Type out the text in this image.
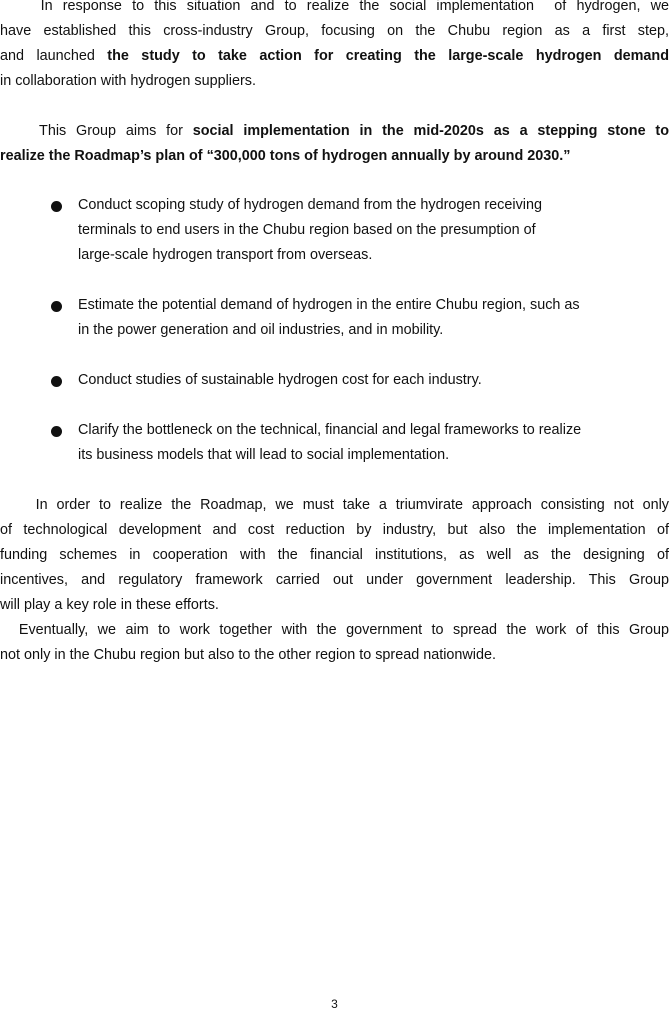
In response to this situation and to realize the social implementation  of hydrogen, we
have established this cross-industry Group, focusing on the Chubu region as a first step,
and launched the study to take action for creating the large-scale hydrogen demand
in collaboration with hydrogen suppliers.
This Group aims for social implementation in the mid-2020s as a stepping stone to
realize the Roadmap’s plan of “300,000 tons of hydrogen annually by around 2030.”
Conduct scoping study of hydrogen demand from the hydrogen receiving
terminals to end users in the Chubu region based on the presumption of
large-scale hydrogen transport from overseas.
Estimate the potential demand of hydrogen in the entire Chubu region, such as
in the power generation and oil industries, and in mobility.
Conduct studies of sustainable hydrogen cost for each industry.
Clarify the bottleneck on the technical, financial and legal frameworks to realize
its business models that will lead to social implementation.
In order to realize the Roadmap, we must take a triumvirate approach consisting not only
of technological development and cost reduction by industry, but also the implementation of
funding schemes in cooperation with the financial institutions, as well as the designing of
incentives, and regulatory framework carried out under government leadership. This Group
will play a key role in these efforts.
Eventually, we aim to work together with the government to spread the work of this Group
not only in the Chubu region but also to the other region to spread nationwide.
3
